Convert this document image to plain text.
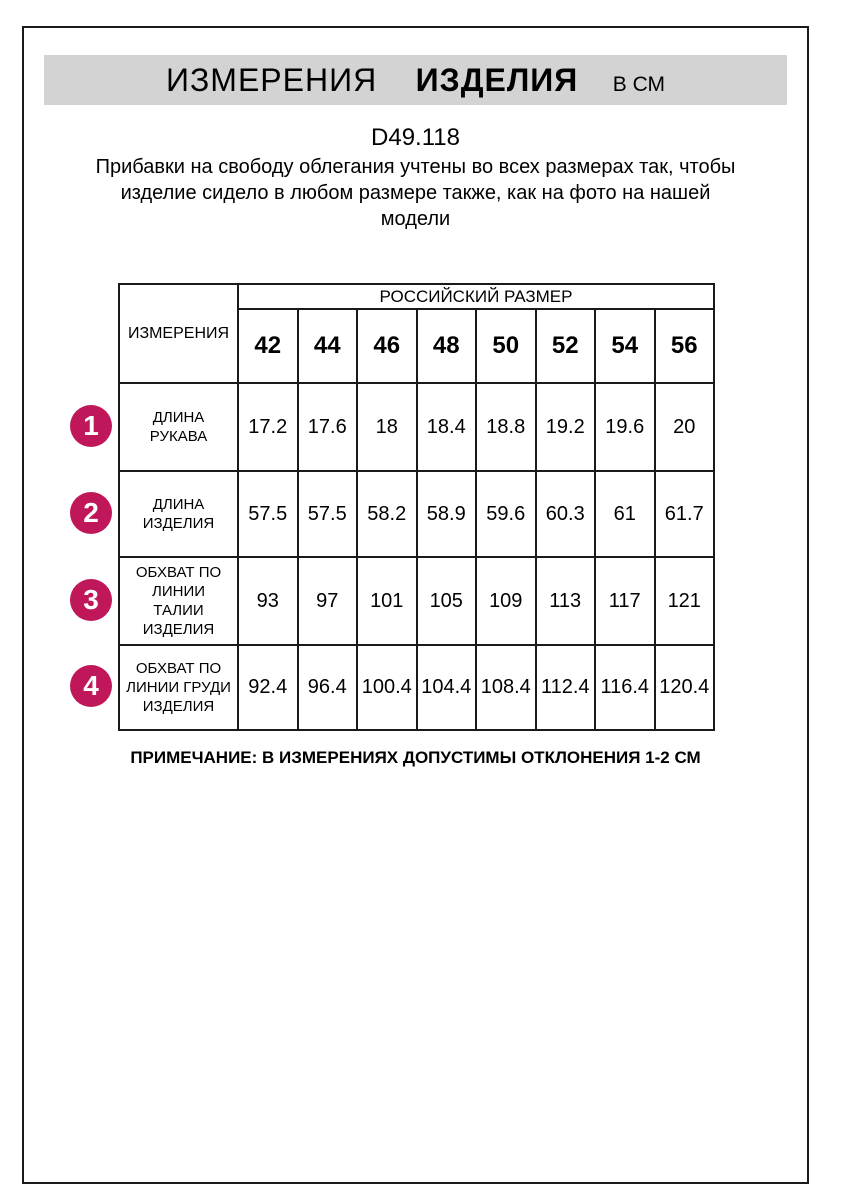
ИЗМЕРЕНИЯ ИЗДЕЛИЯ В СМ
D49.118
Прибавки на свободу облегания учтены во всех размерах так, чтобы
изделие сидело в любом размере также, как на фото на нашей
модели
ИЗМЕРЕНИЯ	РОССИЙСКИЙ РАЗМЕР							
	42	44	46	48	50	52	54	56
ДЛИНА РУКАВА	17.2	17.6	18	18.4	18.8	19.2	19.6	20
ДЛИНА ИЗДЕЛИЯ	57.5	57.5	58.2	58.9	59.6	60.3	61	61.7
ОБХВАТ ПО ЛИНИИ ТАЛИИ ИЗДЕЛИЯ	93	97	101	105	109	113	117	121
ОБХВАТ ПО ЛИНИИ ГРУДИ ИЗДЕЛИЯ	92.4	96.4	100.4	104.4	108.4	112.4	116.4	120.4
1
2
3
4
ПРИМЕЧАНИЕ: В ИЗМЕРЕНИЯХ ДОПУСТИМЫ ОТКЛОНЕНИЯ 1-2 СМ
